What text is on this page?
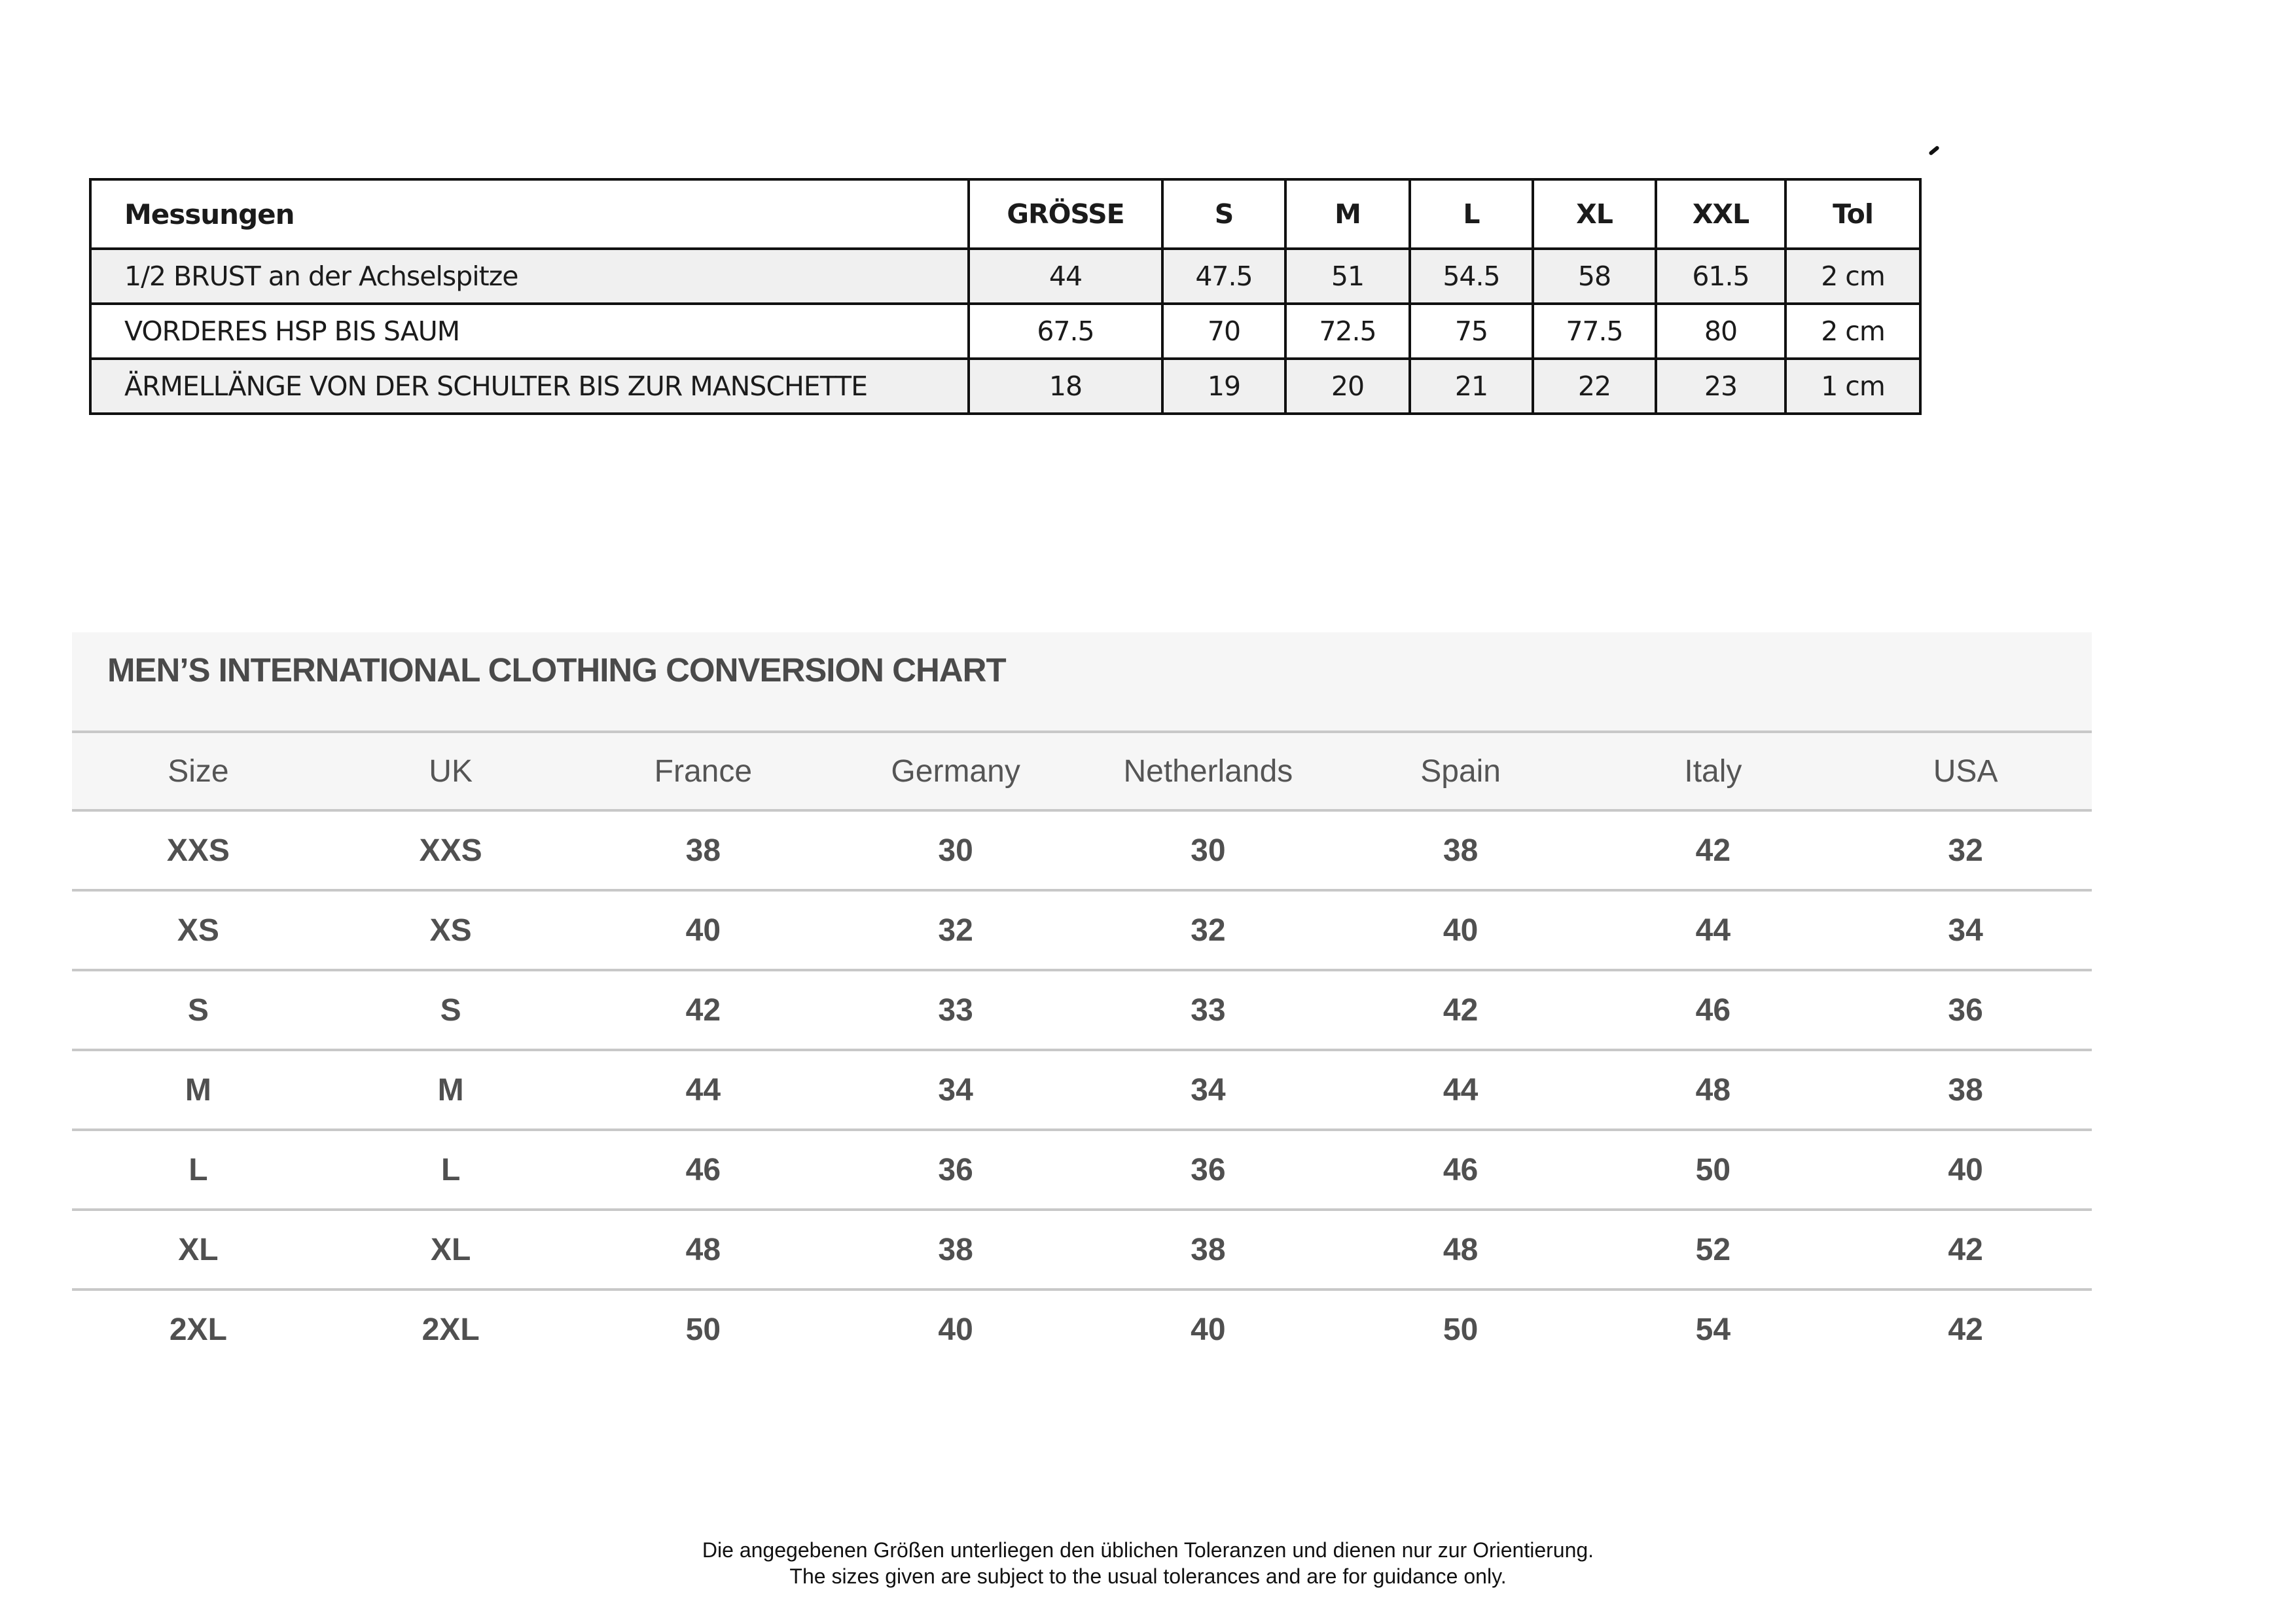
Messungen	GRÖSSE	S	M	L	XL	XXL	Tol
1/2 BRUST an der Achselspitze	44	47.5	51	54.5	58	61.5	2 cm
VORDERES HSP BIS SAUM	67.5	70	72.5	75	77.5	80	2 cm
ÄRMELLÄNGE VON DER SCHULTER BIS ZUR MANSCHETTE	18	19	20	21	22	23	1 cm
MEN’S INTERNATIONAL CLOTHING CONVERSION CHART
Size	UK	France	Germany	Netherlands	Spain	Italy	USA
XXS	XXS	38	30	30	38	42	32
XS	XS	40	32	32	40	44	34
S	S	42	33	33	42	46	36
M	M	44	34	34	44	48	38
L	L	46	36	36	46	50	40
XL	XL	48	38	38	48	52	42
2XL	2XL	50	40	40	50	54	42
Die angegebenen Größen unterliegen den üblichen Toleranzen und dienen nur zur Orientierung.
The sizes given are subject to the usual tolerances and are for guidance only.
